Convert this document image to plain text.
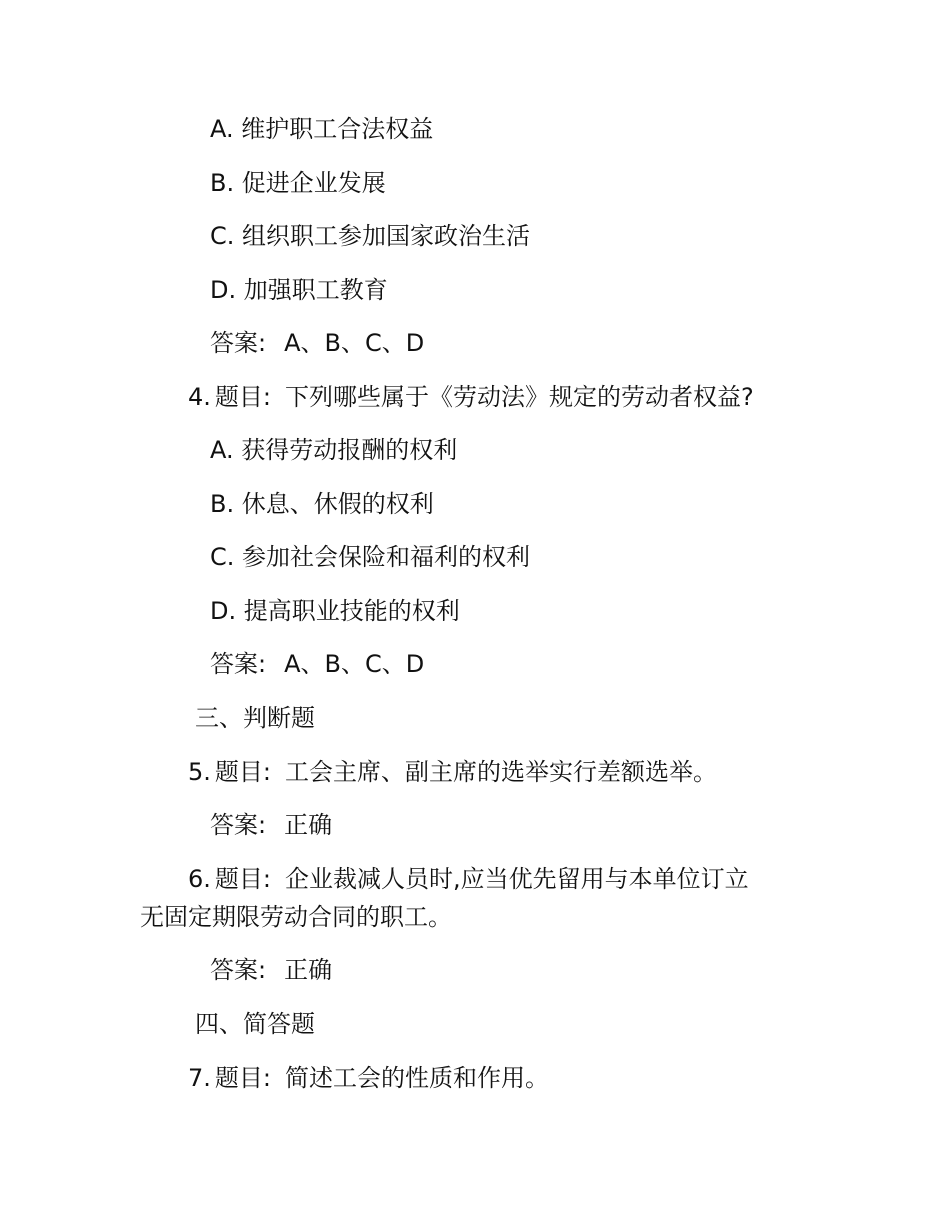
A. 维护职工合法权益
B. 促进企业发展
C. 组织职工参加国家政治生活
D. 加强职工教育
答案: A、B、C、D
4. 题目: 下列哪些属于《劳动法》规定的劳动者权益?
A. 获得劳动报酬的权利
B. 休息、休假的权利
C. 参加社会保险和福利的权利
D. 提高职业技能的权利
答案: A、B、C、D
三、判断题
5. 题目: 工会主席、副主席的选举实行差额选举。
答案: 正确
6. 题目: 企业裁减人员时,应当优先留用与本单位订立
无固定期限劳动合同的职工。
答案: 正确
四、简答题
7. 题目: 简述工会的性质和作用。
